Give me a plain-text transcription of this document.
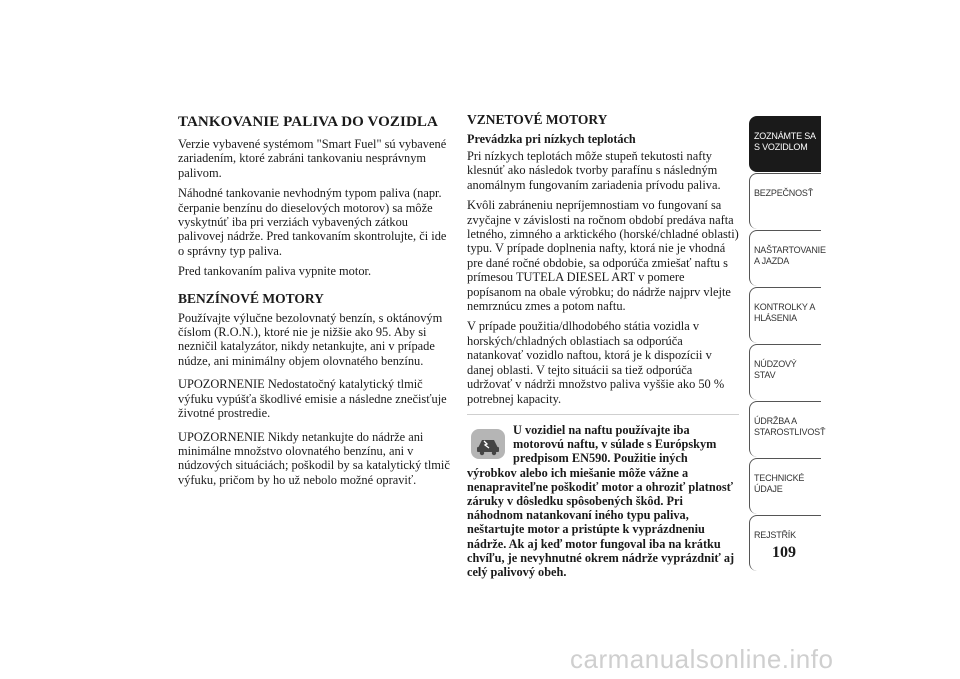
TANKOVANIE PALIVA DO VOZIDLA

Verzie vybavené systémom "Smart Fuel" sú vybavené zariadením, ktoré zabráni tankovaniu nesprávnym palivom.

Náhodné tankovanie nevhodným typom paliva (napr. čerpanie benzínu do dieselových motorov) sa môže vyskytnúť iba pri verziách vybavených zátkou palivovej nádrže. Pred tankovaním skontrolujte, či ide o správny typ paliva.

Pred tankovaním paliva vypnite motor.

BENZÍNOVÉ MOTORY

Používajte výlučne bezolovnatý benzín, s oktánovým číslom (R.O.N.), ktoré nie je nižšie ako 95. Aby si nezničil katalyzátor, nikdy netankujte, ani v prípade núdze, ani minimálny objem olovnatého benzínu.

UPOZORNENIE Nedostatočný katalytický tlmič výfuku vypúšťa škodlivé emisie a následne znečisťuje životné prostredie.

UPOZORNENIE Nikdy netankujte do nádrže ani minimálne množstvo olovnatého benzínu, ani v núdzových situáciách; poškodil by sa katalytický tlmič výfuku, pričom by ho už nebolo možné opraviť.

VZNETOVÉ MOTORY
Prevádzka pri nízkych teplotách

Pri nízkych teplotách môže stupeň tekutosti nafty klesnúť ako následok tvorby parafínu s následným anomálnym fungovaním zariadenia prívodu paliva.

Kvôli zabráneniu nepríjemnostiam vo fungovaní sa zvyčajne v závislosti na ročnom období predáva nafta letného, zimného a arktického (horské/chladné oblasti) typu. V prípade doplnenia nafty, ktorá nie je vhodná pre dané ročné obdobie, sa odporúča zmiešať naftu s prímesou TUTELA DIESEL ART v pomere popísanom na obale výrobku; do nádrže najprv vlejte nemrznúcu zmes a potom naftu.

V prípade použitia/dlhodobého státia vozidla v horských/chladných oblastiach sa odporúča natankovať vozidlo naftou, ktorá je k dispozícii v danej oblasti. V tejto situácii sa tiež odporúča udržovať v nádrži množstvo paliva vyššie ako 50 % potrebnej kapacity.

U vozidiel na naftu používajte iba motorovú naftu, v súlade s Európskym predpisom EN590. Použitie iných výrobkov alebo ich miešanie môže vážne a nenapraviteľne poškodiť motor a ohroziť platnosť záruky v dôsledku spôsobených škôd. Pri náhodnom natankovaní iného typu paliva, neštartujte motor a pristúpte k vyprázdneniu nádrže. Ak aj keď motor fungoval iba na krátku chvíľu, je nevyhnutné okrem nádrže vyprázdniť aj celý palivový obeh.
ZOZNÁMTE SA S VOZIDLOM
BEZPEČNOSŤ
NAŠTARTOVANIE A JAZDA
KONTROLKY A HLÁSENIA
NÚDZOVÝ STAV
ÚDRŽBA A STAROSTLIVOSŤ
TECHNICKÉ ÚDAJE
REJSTŘÍK
109
carmanualsonline.info
